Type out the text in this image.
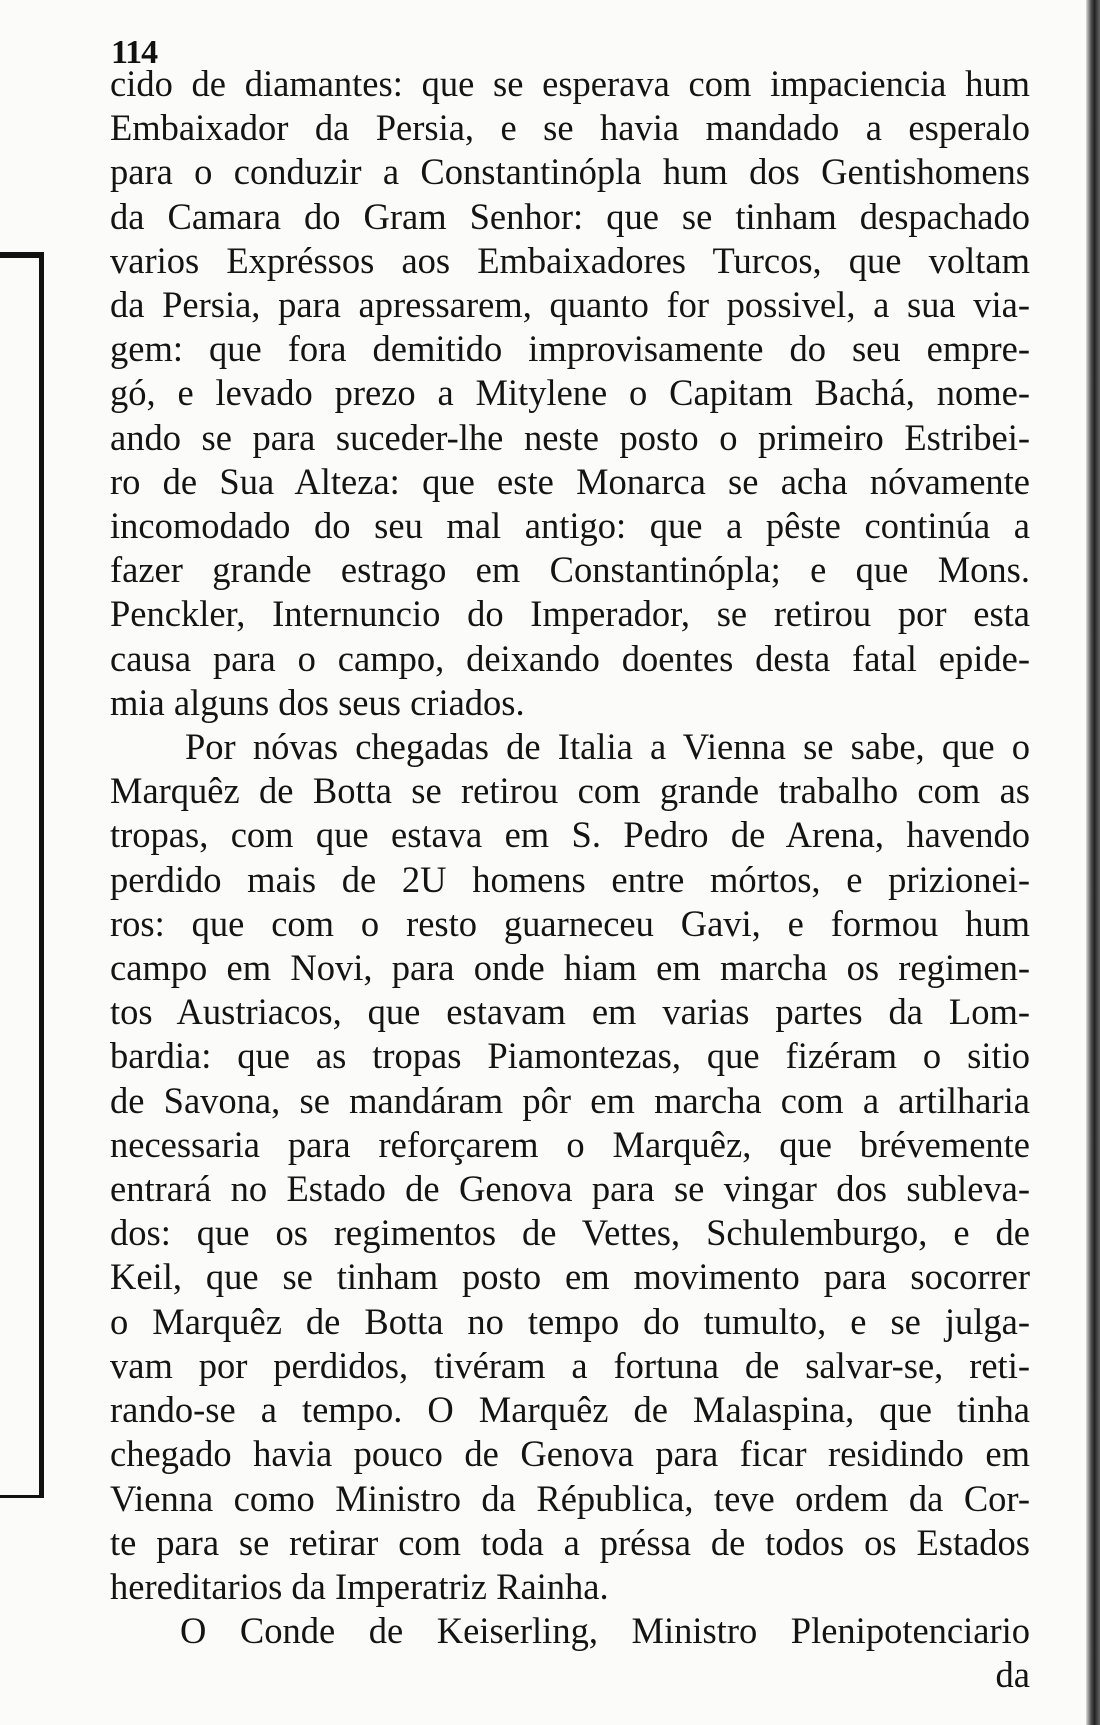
114
cido de diamantes: que se esperava com impaciencia hum
Embaixador da Persia, e se havia mandado a esperalo
para o conduzir a Constantinópla hum dos Gentishomens
da Camara do Gram Senhor: que se tinham despachado
varios Expréssos aos Embaixadores Turcos, que voltam
da Persia, para apressarem, quanto for possivel, a sua via-
gem: que fora demitido improvisamente do seu empre-
gó, e levado prezo a Mitylene o Capitam Bachá, nome-
ando se para suceder-lhe neste posto o primeiro Estribei-
ro de Sua Alteza: que este Monarca se acha nóvamente
incomodado do seu mal antigo: que a pêste continúa a
fazer grande estrago em Constantinópla; e que Mons.
Penckler, Internuncio do Imperador, se retirou por esta
causa para o campo, deixando doentes desta fatal epide-
mia alguns dos seus criados.
Por nóvas chegadas de Italia a Vienna se sabe, que o
Marquêz de Botta se retirou com grande trabalho com as
tropas, com que estava em S. Pedro de Arena, havendo
perdido mais de 2U homens entre mórtos, e prizionei-
ros: que com o resto guarneceu Gavi, e formou hum
campo em Novi, para onde hiam em marcha os regimen-
tos Austriacos, que estavam em varias partes da Lom-
bardia: que as tropas Piamontezas, que fizéram o sitio
de Savona, se mandáram pôr em marcha com a artilharia
necessaria para reforçarem o Marquêz, que brévemente
entrará no Estado de Genova para se vingar dos sublevа-
dos: que os regimentos de Vettes, Schulemburgo, e de
Keil, que se tinham posto em movimento para socorrer
o Marquêz de Botta no tempo do tumulto, e se julga-
vam por perdidos, tivéram a fortuna de salvar-se, reti-
rando-se a tempo. O Marquêz de Malaspina, que tinha
chegado havia pouco de Genova para ficar residindo em
Vienna como Ministro da Républica, teve ordem da Cor-
te para se retirar com toda a préssa de todos os Estados
hereditarios da Imperatriz Rainha.
O Conde de Keiserling, Ministro Plenipotenciario
da
